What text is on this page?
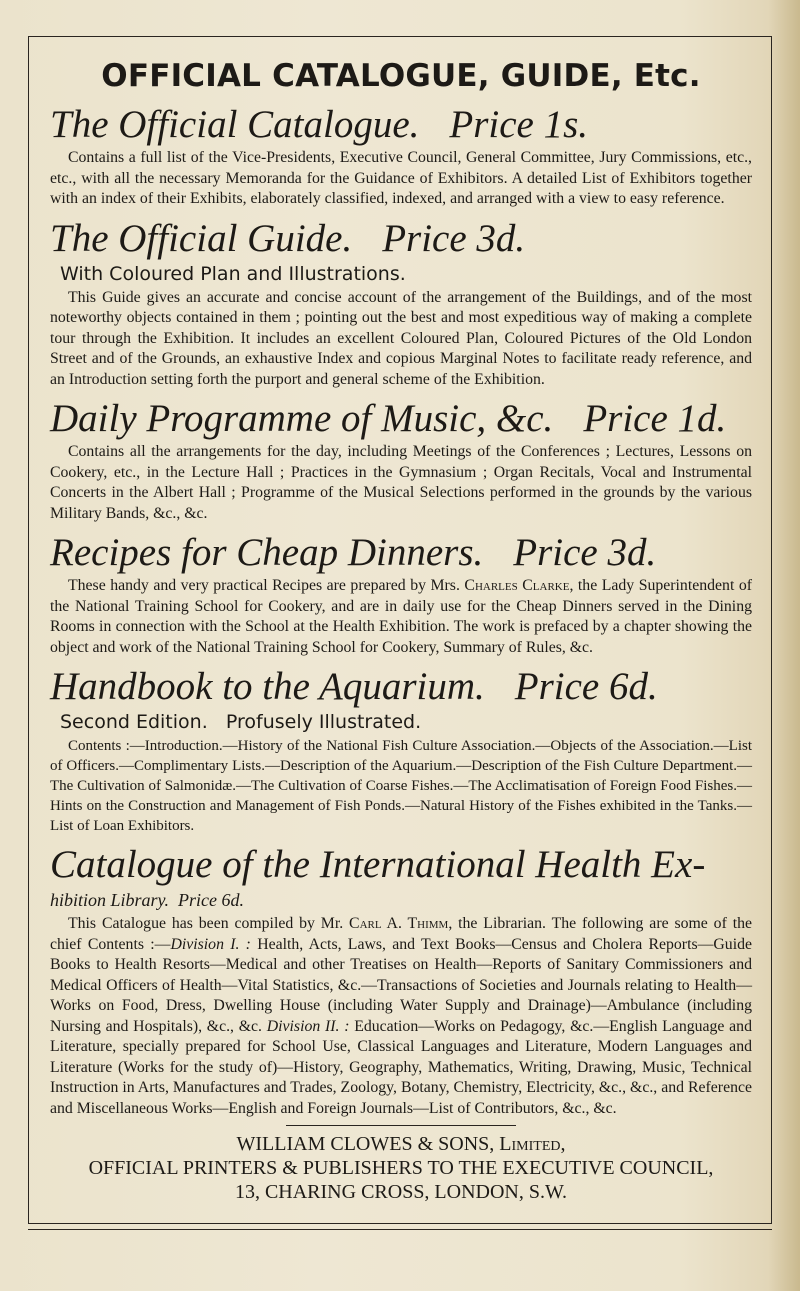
OFFICIAL CATALOGUE, GUIDE, Etc.
The Official Catalogue. Price 1s.

Contains a full list of the Vice-Presidents, Executive Council, General Committee, Jury Commissions, etc., etc., with all the necessary Memoranda for the Guidance of Exhibitors. A detailed List of Exhibitors together with an index of their Exhibits, elaborately classified, indexed, and arranged with a view to easy reference.

The Official Guide. Price 3d.
With Coloured Plan and Illustrations.

This Guide gives an accurate and concise account of the arrangement of the Buildings, and of the most noteworthy objects contained in them ; pointing out the best and most expeditious way of making a complete tour through the Exhibition. It includes an excellent Coloured Plan, Coloured Pictures of the Old London Street and of the Grounds, an exhaustive Index and copious Marginal Notes to facilitate ready reference, and an Introduction setting forth the purport and general scheme of the Exhibition.

Daily Programme of Music, &c. Price 1d.

Contains all the arrangements for the day, including Meetings of the Conferences ; Lectures, Lessons on Cookery, etc., in the Lecture Hall ; Practices in the Gymnasium ; Organ Recitals, Vocal and Instrumental Concerts in the Albert Hall ; Programme of the Musical Selections performed in the grounds by the various Military Bands, &c., &c.

Recipes for Cheap Dinners. Price 3d.

These handy and very practical Recipes are prepared by Mrs. Charles Clarke, the Lady Superintendent of the National Training School for Cookery, and are in daily use for the Cheap Dinners served in the Dining Rooms in connection with the School at the Health Exhibition. The work is prefaced by a chapter showing the object and work of the National Training School for Cookery, Summary of Rules, &c.

Handbook to the Aquarium. Price 6d.
Second Edition.   Profusely Illustrated.

Contents :—Introduction.—History of the National Fish Culture Association.—Objects of the Association.—List of Officers.—Complimentary Lists.—Description of the Aquarium.—Description of the Fish Culture Department.—The Cultivation of Salmonidæ.—The Cultivation of Coarse Fishes.—The Acclimatisation of Foreign Food Fishes.—Hints on the Construction and Management of Fish Ponds.—Natural History of the Fishes exhibited in the Tanks.—List of Loan Exhibitors.

Catalogue of the International Health Ex-
hibition Library. Price 6d.

This Catalogue has been compiled by Mr. Carl A. Thimm, the Librarian. The following are some of the chief Contents :—Division I. : Health, Acts, Laws, and Text Books—Census and Cholera Reports—Guide Books to Health Resorts—Medical and other Treatises on Health—Reports of Sanitary Commissioners and Medical Officers of Health—Vital Statistics, &c.—Transactions of Societies and Journals relating to Health—Works on Food, Dress, Dwelling House (including Water Supply and Drainage)—Ambulance (including Nursing and Hospitals), &c., &c. Division II. : Education—Works on Pedagogy, &c.—English Language and Literature, specially prepared for School Use, Classical Languages and Literature, Modern Languages and Literature (Works for the study of)—History, Geography, Mathematics, Writing, Drawing, Music, Technical Instruction in Arts, Manufactures and Trades, Zoology, Botany, Chemistry, Electricity, &c., &c., and Reference and Miscellaneous Works—English and Foreign Journals—List of Contributors, &c., &c.

WILLIAM CLOWES & SONS, Limited,
OFFICIAL PRINTERS & PUBLISHERS TO THE EXECUTIVE COUNCIL,
13, CHARING CROSS, LONDON, S.W.
